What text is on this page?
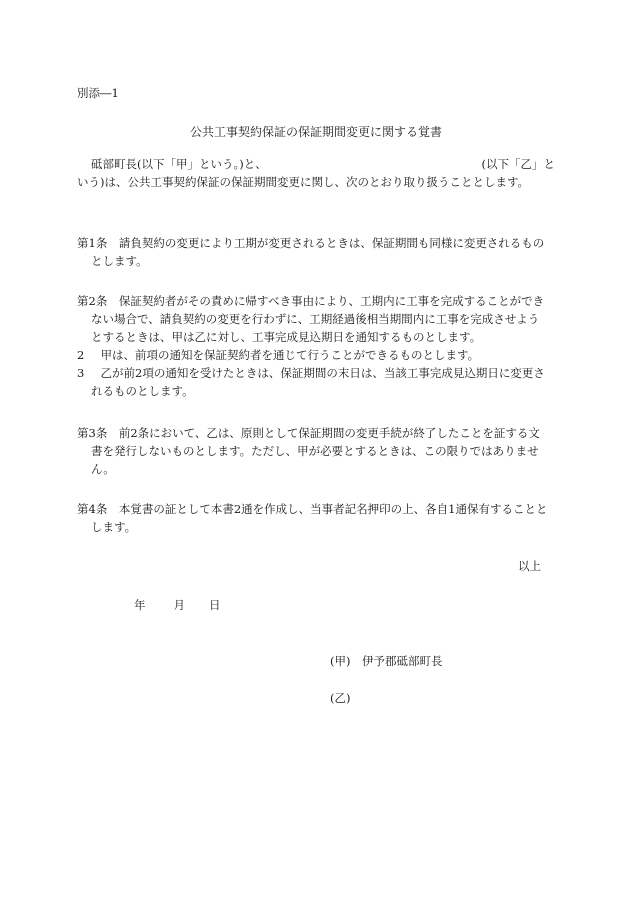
別添―1
公共工事契約保証の保証期間変更に関する覚書
砥部町長(以下「甲」という。)と、	(以下「乙」と
いう)は、公共工事契約保証の保証期間変更に関し、次のとおり取り扱うこととします。
第1条　請負契約の変更により工期が変更されるときは、保証期間も同様に変更されるもの
とします。
第2条　保証契約者がその責めに帰すべき事由により、工期内に工事を完成することができ
ない場合で、請負契約の変更を行わずに、工期経過後相当期間内に工事を完成させよう
とするときは、甲は乙に対し、工事完成見込期日を通知するものとします。
2　 甲は、前項の通知を保証契約者を通じて行うことができるものとします。
3　 乙が前2項の通知を受けたときは、保証期間の末日は、当該工事完成見込期日に変更さ
れるものとします。
第3条　前2条において、乙は、原則として保証期間の変更手続が終了したことを証する文
書を発行しないものとします。ただし、甲が必要とするときは、この限りではありませ
ん。
第4条　本覚書の証として本書2通を作成し、当事者記名押印の上、各自1通保有することと
します。
以上
年 月 日
(甲)　伊予郡砥部町長
(乙)
